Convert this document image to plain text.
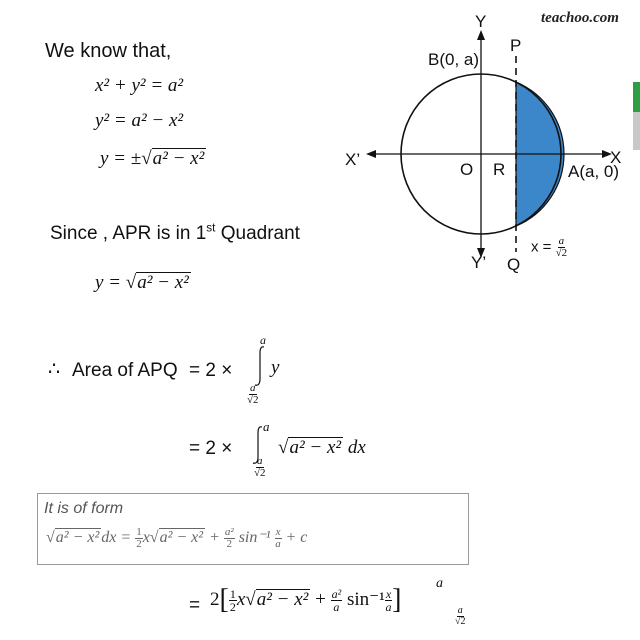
teachoo.com
We know that,
x² + y² = a²
y² = a² − x²
y = ±√a² − x²
Since , APR is in 1st Quadrant
y = √a² − x²
∴ Area of APQ = 2 ×
a
$\frac{a}{√2}$
y
= 2 ×
a
$\frac{a}{√2}$
√a² − x² dx
It is of form
√a² − x² dx = $\frac{1}{2} x√a^2 - x^2 + \frac{\text{a²}}{2} \sin^{-1} \frac{x}{a} + c$
= $2[ \frac{1}{2} x√a^2 - x^2 + \frac{\text{a²}}{a} \sin^{-1} \frac{x}{a}$ ]
a
$\frac{a}{√2}$
Y
P
B(0, a)
X’	X
O R	A(a, 0)
Y’ Q
$x = \frac{a}{√2}$
